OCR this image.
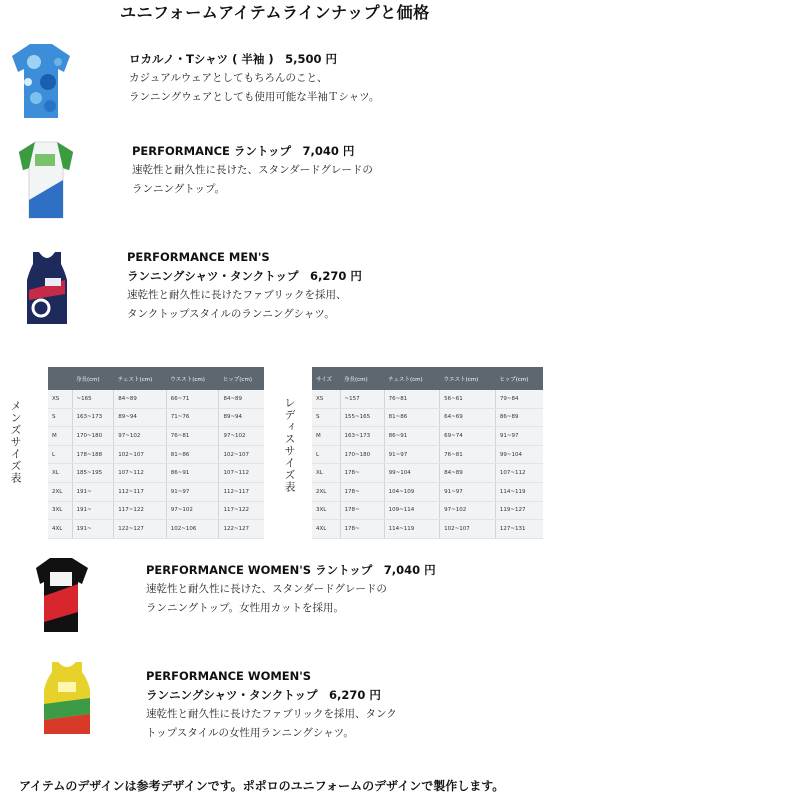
ユニフォームアイテムラインナップと価格
ロカルノ・Tシャツ ( 半袖 )　5,500 円
カジュアルウェアとしてもちろんのこと、
ランニングウェアとしても使用可能な半袖Ｔシャツ。
PERFORMANCE ラントップ　7,040 円
速乾性と耐久性に長けた、スタンダードグレードの
ランニングトップ。
PERFORMANCE MEN'S
ランニングシャツ・タンクトップ　6,270 円
速乾性と耐久性に長けたファブリックを採用、
タンクトップスタイルのランニングシャツ。
メンズサイズ表
	身長(cm)	チェスト(cm)	ウエスト(cm)	ヒップ(cm)
XS	~165	84~89	66~71	84~89
S	163~173	89~94	71~76	89~94
M	170~180	97~102	76~81	97~102
L	178~188	102~107	81~86	102~107
XL	185~195	107~112	86~91	107~112
2XL	191~	112~117	91~97	112~117
3XL	191~	117~122	97~102	117~122
4XL	191~	122~127	102~106	122~127
レディスサイズ表
サイズ	身長(cm)	チェスト(cm)	ウエスト(cm)	ヒップ(cm)
XS	~157	76~81	56~61	79~84
S	155~165	81~86	64~69	86~89
M	163~173	86~91	69~74	91~97
L	170~180	91~97	76~81	99~104
XL	178~	99~104	84~89	107~112
2XL	178~	104~109	91~97	114~119
3XL	178~	109~114	97~102	119~127
4XL	178~	114~119	102~107	127~131
PERFORMANCE WOMEN'S ラントップ　7,040 円
速乾性と耐久性に長けた、スタンダードグレードの
ランニングトップ。女性用カットを採用。
PERFORMANCE WOMEN'S
ランニングシャツ・タンクトップ　6,270 円
速乾性と耐久性に長けたファブリックを採用、タンク
トップスタイルの女性用ランニングシャツ。
アイテムのデザインは参考デザインです。ポポロのユニフォームのデザインで製作します。
